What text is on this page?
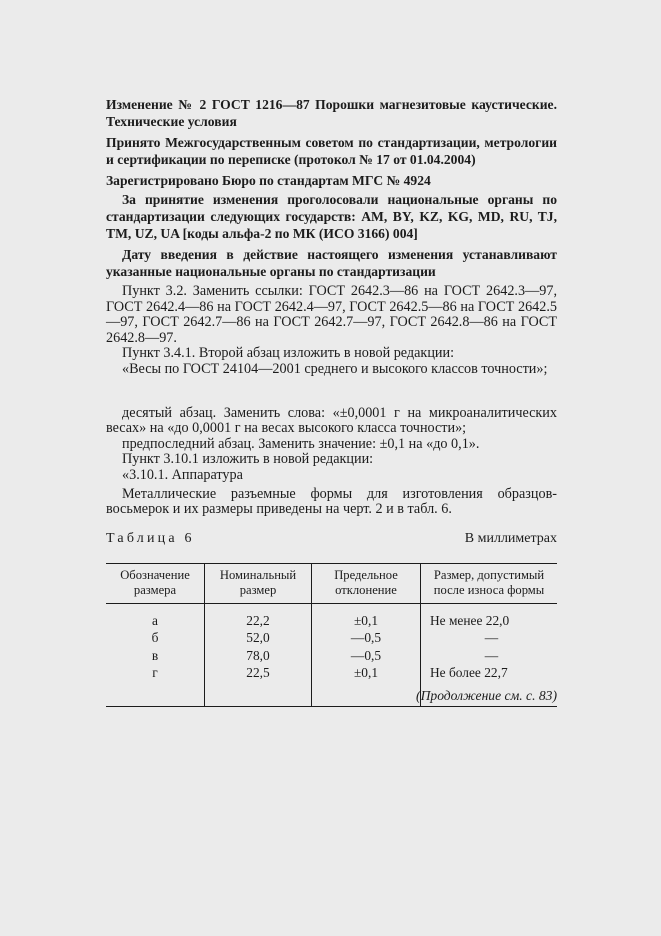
Изменение № 2 ГОСТ 1216—87 Порошки магнезитовые каустические. Технические условия

Принято Межгосударственным советом по стандартизации, метрологии и сертификации по переписке (протокол № 17 от 01.04.2004)

Зарегистрировано Бюро по стандартам МГС № 4924

За принятие изменения проголосовали национальные органы по стандартизации следующих государств: AM, BY, KZ, KG, MD, RU, TJ, TM, UZ, UA [коды альфа-2 по МК (ИСО 3166) 004]

Дату введения в действие настоящего изменения устанавливают указанные национальные органы по стандартизации

Пункт 3.2. Заменить ссылки: ГОСТ 2642.3—86 на ГОСТ 2642.3—97, ГОСТ 2642.4—86 на ГОСТ 2642.4—97, ГОСТ 2642.5—86 на ГОСТ 2642.5—97, ГОСТ 2642.7—86 на ГОСТ 2642.7—97, ГОСТ 2642.8—86 на ГОСТ 2642.8—97.

Пункт 3.4.1. Второй абзац изложить в новой редакции:

«Весы по ГОСТ 24104—2001 среднего и высокого классов точности»;

десятый абзац. Заменить слова: «±0,0001 г на микроаналитических весах» на «до 0,0001 г на весах высокого класса точности»;

предпоследний абзац. Заменить значение: ±0,1 на «до 0,1».

Пункт 3.10.1 изложить в новой редакции:

«3.10.1. Аппаратура

Металлические разъемные формы для изготовления образцов-восьмерок и их размеры приведены на черт. 2 и в табл. 6.

Таблица 6	В миллиметрах
Обозначение размера	Номинальный размер	Предельное отклонение	Размер, допустимый после износа формы
а	22,2	±0,1	Не менее 22,0
б	52,0	—0,5	—
в	78,0	—0,5	—
г	22,5	±0,1	Не более 22,7

(Продолжение см. с. 83)
